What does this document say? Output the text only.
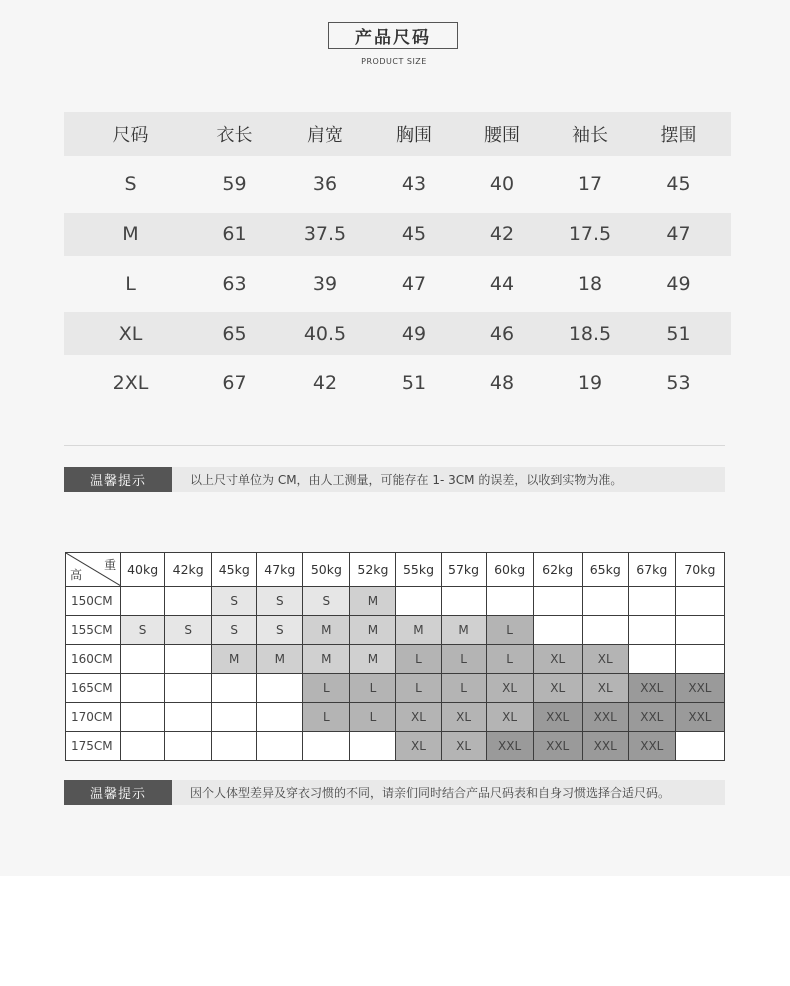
产品尺码
PRODUCT SIZE
尺码	衣长	肩宽	胸围	腰围	袖长	摆围
S	59	36	43	40	17	45
M	61	37.5	45	42	17.5	47
L	63	39	47	44	18	49
XL	65	40.5	49	46	18.5	51
2XL	67	42	51	48	19	53
温馨提示	以上尺寸单位为 CM，由人工测量，可能存在 1- 3CM 的误差，以收到实物为准。
重
高	40kg	42kg	45kg	47kg	50kg	52kg	55kg	57kg	60kg	62kg	65kg	67kg	70kg
150CM			S	S	S	M							
155CM	S	S	S	S	M	M	M	M	L				
160CM			M	M	M	M	L	L	L	XL	XL		
165CM					L	L	L	L	XL	XL	XL	XXL	XXL
170CM					L	L	XL	XL	XL	XXL	XXL	XXL	XXL
175CM							XL	XL	XXL	XXL	XXL	XXL	
温馨提示	因个人体型差异及穿衣习惯的不同，请亲们同时结合产品尺码表和自身习惯选择合适尺码。
